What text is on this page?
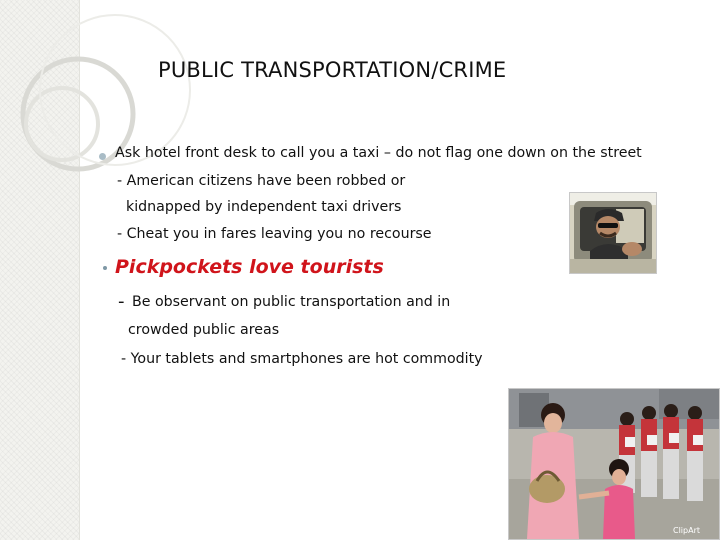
PUBLIC TRANSPORTATION/CRIME
Ask hotel front desk to call you a taxi – do not flag one down on the street
- American citizens have been robbed or
kidnapped by independent taxi drivers
- Cheat you in fares leaving you no recourse
Pickpockets love tourists
- Be observant on public transportation and in
crowded public areas
- Your tablets and smartphones are hot commodity
ClipArt
